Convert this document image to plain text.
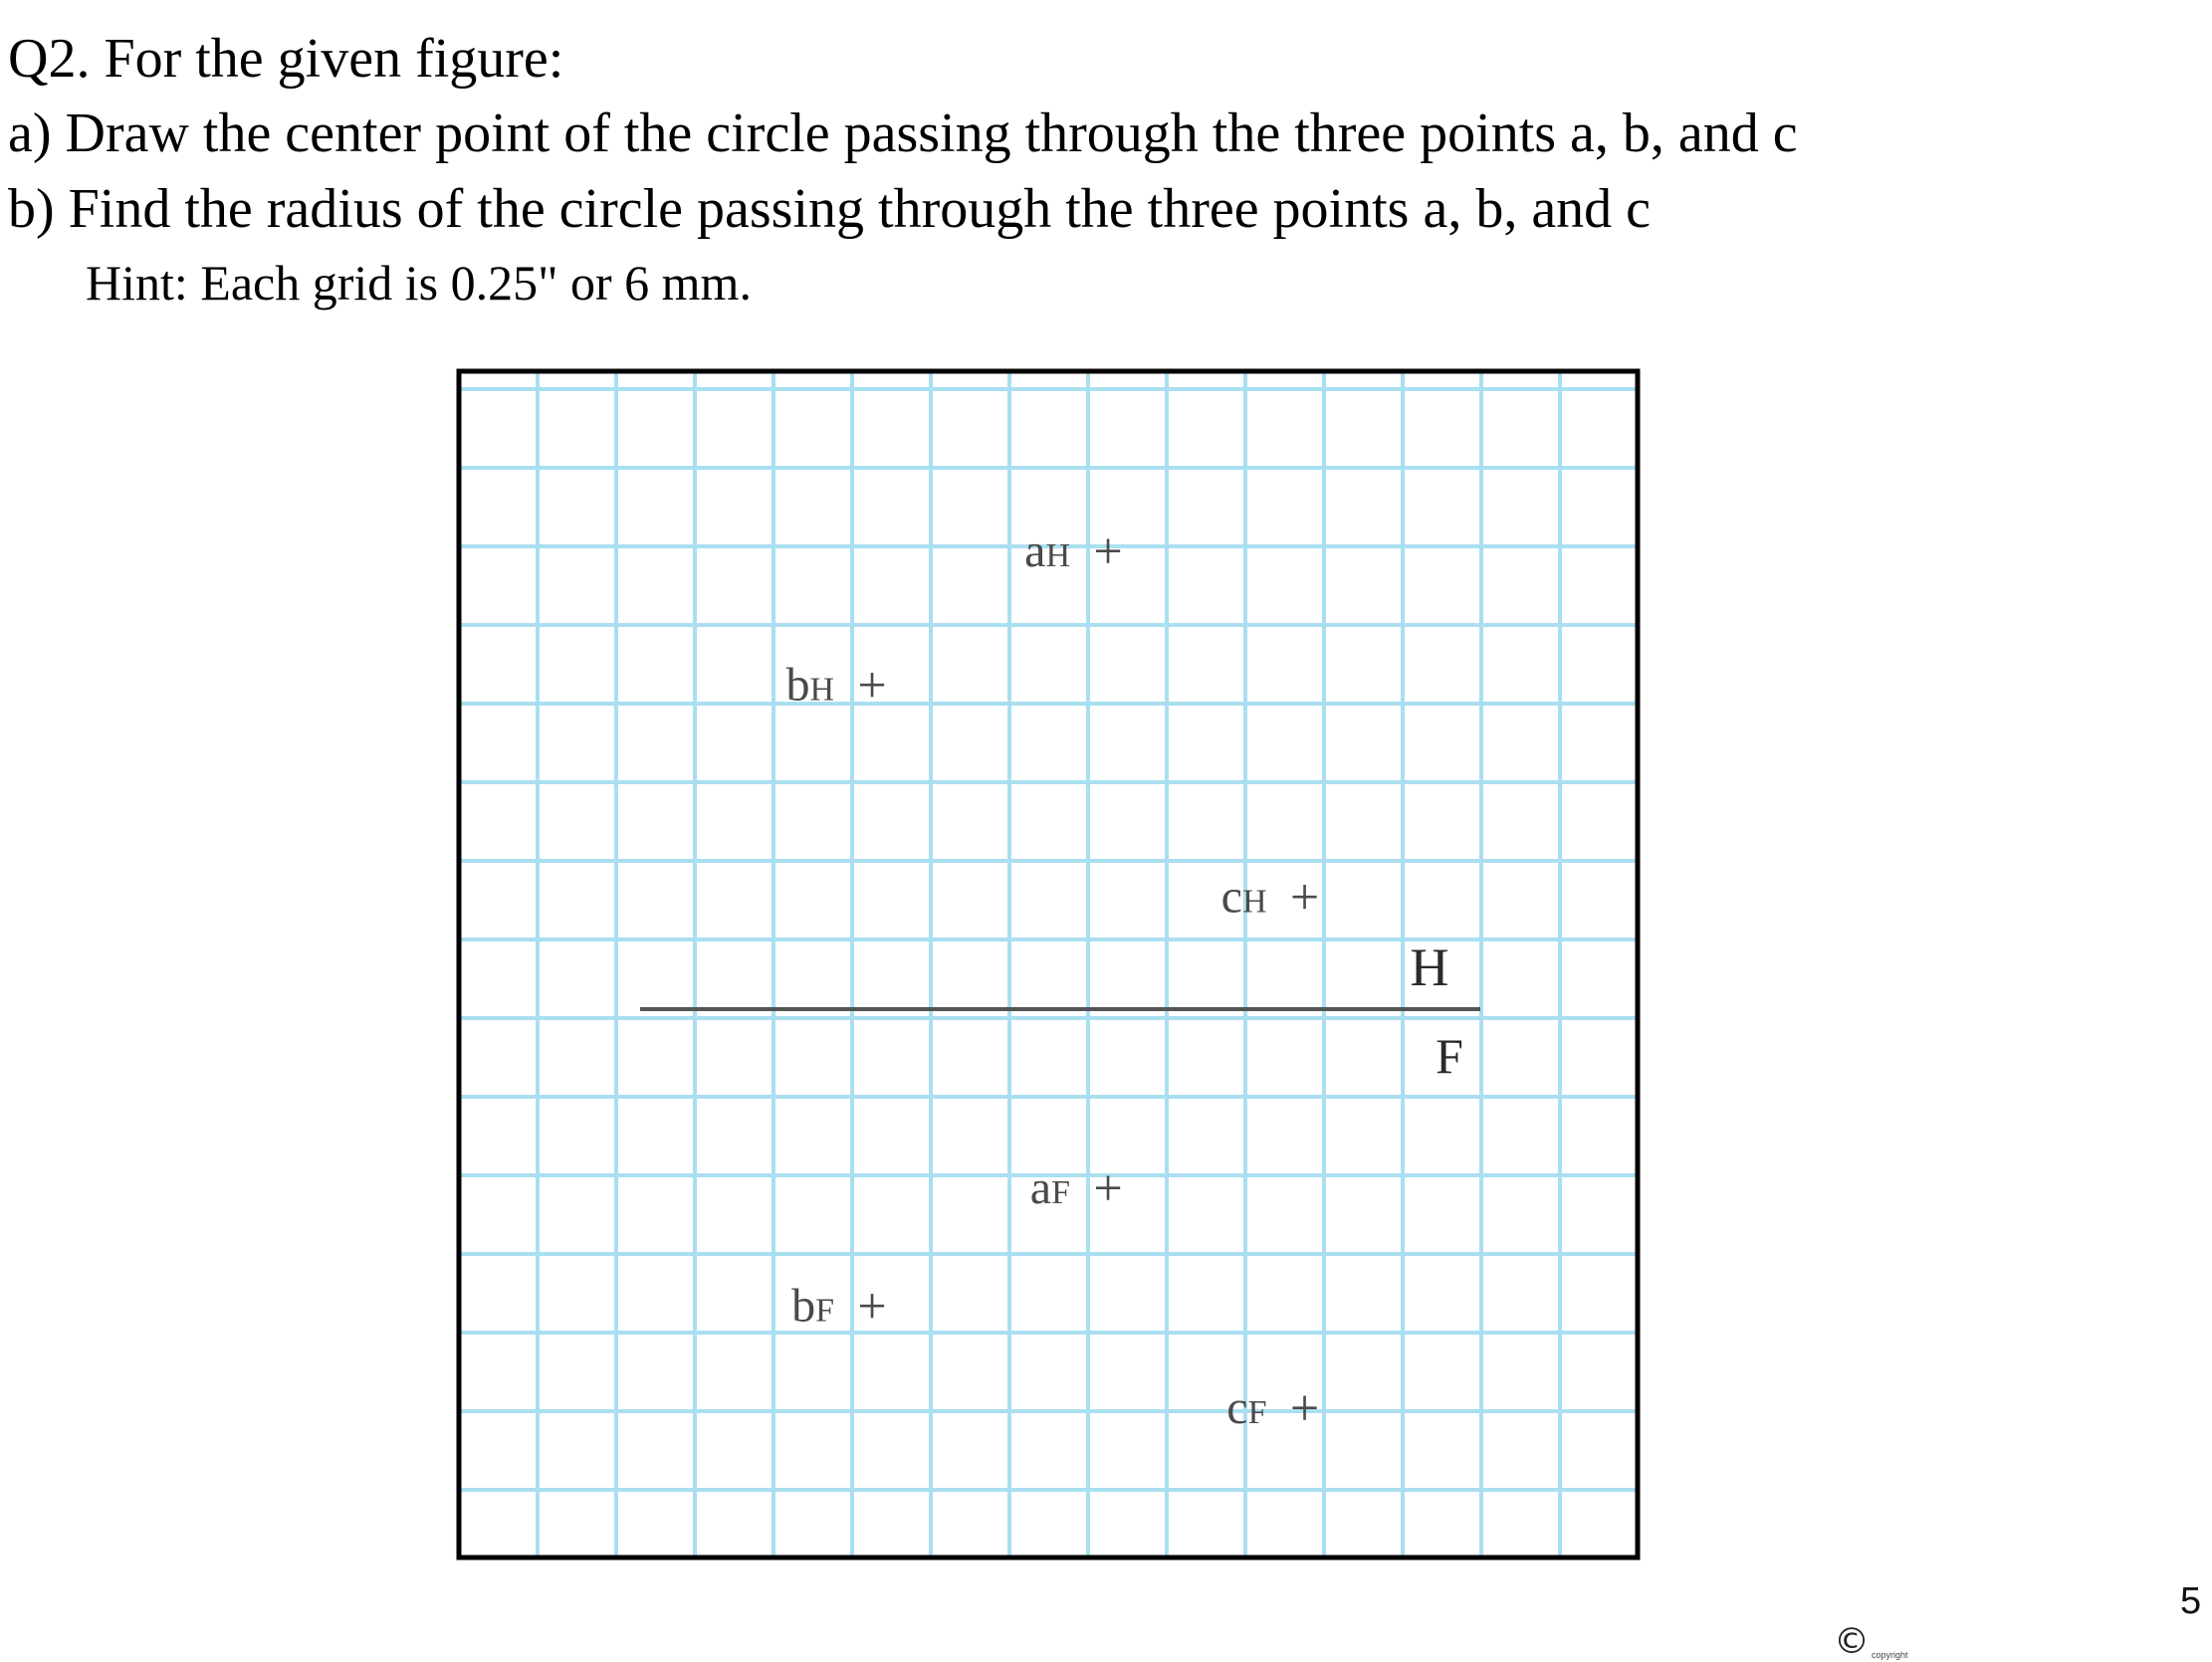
Q2. For the given figure:

a) Draw the center point of the circle passing through the three points a, b, and c

b) Find the radius of the circle passing through the three points a, b, and c

Hint: Each grid is 0.25" or 6 mm.

H
F
aH +
bH +
cH +
aF +
bF +
cF +
© copyright
5
